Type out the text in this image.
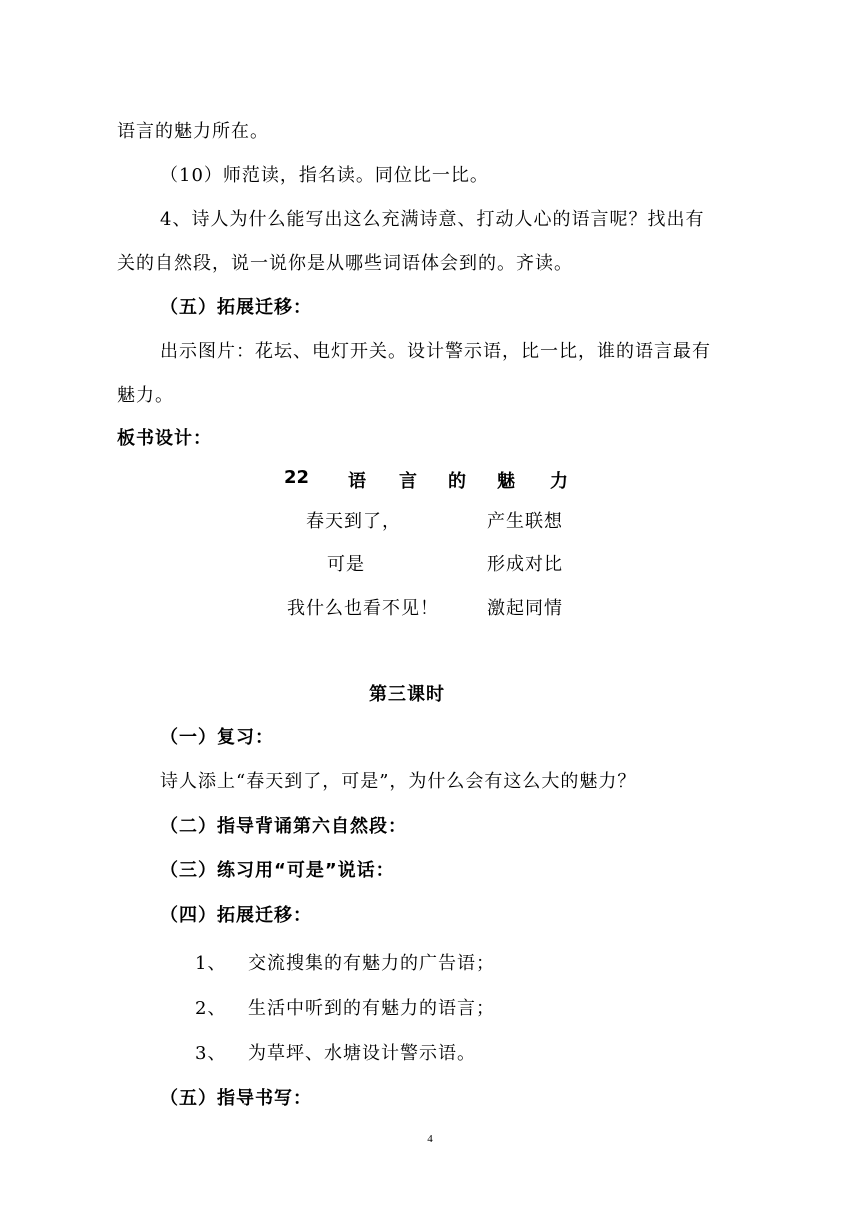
语言的魅力所在。
（10）师范读，指名读。同位比一比。
4、诗人为什么能写出这么充满诗意、打动人心的语言呢？找出有
关的自然段，说一说你是从哪些词语体会到的。齐读。
（五）拓展迁移：
出示图片：花坛、电灯开关。设计警示语，比一比，谁的语言最有
魅力。
板书设计：
22 语 言 的 魅 力
春天到了，	产生联想
可是	形成对比
我什么也看不见！	激起同情
第三课时
（一）复习：
诗人添上“春天到了，可是”，为什么会有这么大的魅力？
（二）指导背诵第六自然段：
（三）练习用“可是”说话：
（四）拓展迁移：
1、 交流搜集的有魅力的广告语；
2、 生活中听到的有魅力的语言；
3、 为草坪、水塘设计警示语。
（五）指导书写：
4
